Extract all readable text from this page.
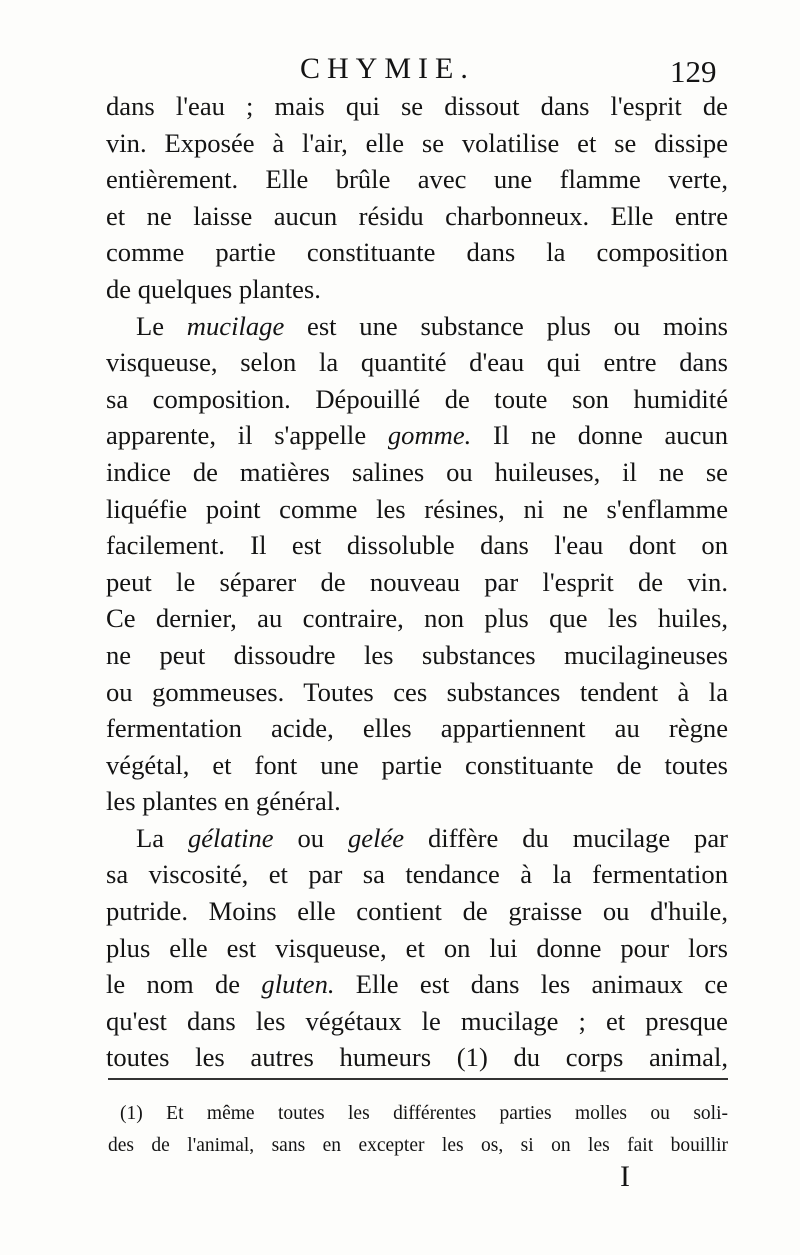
CHYMIE.	129
dans l'eau ; mais qui se dissout dans l'esprit de
vin. Exposée à l'air, elle se volatilise et se dissipe
entièrement. Elle brûle avec une flamme verte,
et ne laisse aucun résidu charbonneux. Elle entre
comme partie constituante dans la composition
de quelques plantes.
Le mucilage est une substance plus ou moins
visqueuse, selon la quantité d'eau qui entre dans
sa composition. Dépouillé de toute son humidité
apparente, il s'appelle gomme. Il ne donne aucun
indice de matières salines ou huileuses, il ne se
liquéfie point comme les résines, ni ne s'enflamme
facilement. Il est dissoluble dans l'eau dont on
peut le séparer de nouveau par l'esprit de vin.
Ce dernier, au contraire, non plus que les huiles,
ne peut dissoudre les substances mucilagineuses
ou gommeuses. Toutes ces substances tendent à la
fermentation acide, elles appartiennent au règne
végétal, et font une partie constituante de toutes
les plantes en général.
La gélatine ou gelée diffère du mucilage par
sa viscosité, et par sa tendance à la fermentation
putride. Moins elle contient de graisse ou d'huile,
plus elle est visqueuse, et on lui donne pour lors
le nom de gluten. Elle est dans les animaux ce
qu'est dans les végétaux le mucilage ; et presque
toutes les autres humeurs (1) du corps animal,
(1) Et même toutes les différentes parties molles ou soli-
des de l'animal, sans en excepter les os, si on les fait bouillir
I
